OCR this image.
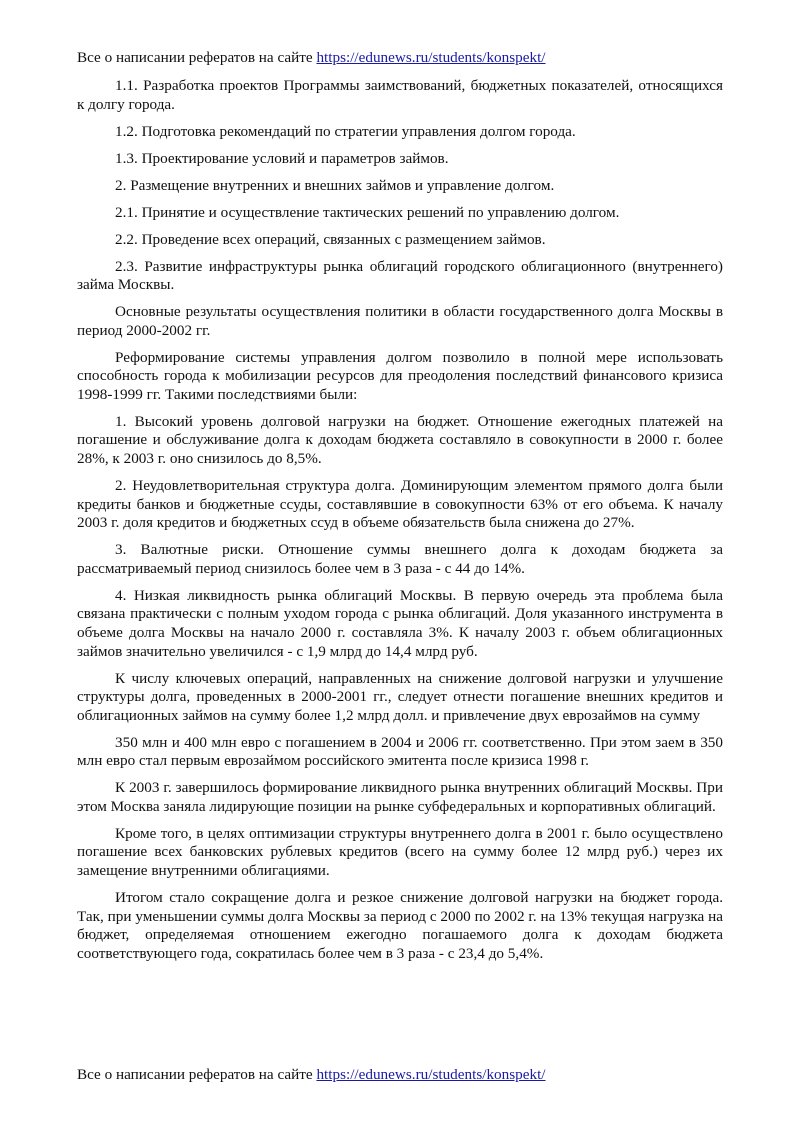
Все о написании рефератов на сайте https://edunews.ru/students/konspekt/

1.1. Разработка проектов Программы заимствований, бюджетных показателей, относящихся к долгу города.

1.2. Подготовка рекомендаций по стратегии управления долгом города.

1.3. Проектирование условий и параметров займов.

2. Размещение внутренних и внешних займов и управление долгом.

2.1. Принятие и осуществление тактических решений по управлению долгом.

2.2. Проведение всех операций, связанных с размещением займов.

2.3. Развитие инфраструктуры рынка облигаций городского облигационного (внутреннего) займа Москвы.

Основные результаты осуществления политики в области государственного долга Москвы в период 2000-2002 гг.

Реформирование системы управления долгом позволило в полной мере использовать способность города к мобилизации ресурсов для преодоления последствий финансового кризиса 1998-1999 гг. Такими последствиями были:

1. Высокий уровень долговой нагрузки на бюджет. Отношение ежегодных платежей на погашение и обслуживание долга к доходам бюджета составляло в совокупности в 2000 г. более 28%, к 2003 г. оно снизилось до 8,5%.

2. Неудовлетворительная структура долга. Доминирующим элементом прямого долга были кредиты банков и бюджетные ссуды, составлявшие в совокупности 63% от его объема. К началу 2003 г. доля кредитов и бюджетных ссуд в объеме обязательств была снижена до 27%.

3. Валютные риски. Отношение суммы внешнего долга к доходам бюджета за рассматриваемый период снизилось более чем в 3 раза - с 44 до 14%.

4. Низкая ликвидность рынка облигаций Москвы. В первую очередь эта проблема была связана практически с полным уходом города с рынка облигаций. Доля указанного инструмента в объеме долга Москвы на начало 2000 г. составляла 3%. К началу 2003 г. объем облигационных займов значительно увеличился - с 1,9 млрд до 14,4 млрд руб.

К числу ключевых операций, направленных на снижение долговой нагрузки и улучшение структуры долга, проведенных в 2000-2001 гг., следует отнести погашение внешних кредитов и облигационных займов на сумму более 1,2 млрд долл. и привлечение двух еврозаймов на сумму

350 млн и 400 млн евро с погашением в 2004 и 2006 гг. соответственно. При этом заем в 350 млн евро стал первым еврозаймом российского эмитента после кризиса 1998 г.

К 2003 г. завершилось формирование ликвидного рынка внутренних облигаций Москвы. При этом Москва заняла лидирующие позиции на рынке субфедеральных и корпоративных облигаций.

Кроме того, в целях оптимизации структуры внутреннего долга в 2001 г. было осуществлено погашение всех банковских рублевых кредитов (всего на сумму более 12 млрд руб.) через их замещение внутренними облигациями.

Итогом стало сокращение долга и резкое снижение долговой нагрузки на бюджет города. Так, при уменьшении суммы долга Москвы за период с 2000 по 2002 г. на 13% текущая нагрузка на бюджет, определяемая отношением ежегодно погашаемого долга к доходам бюджета соответствующего года, сократилась более чем в 3 раза - с 23,4 до 5,4%.

Все о написании рефератов на сайте https://edunews.ru/students/konspekt/
